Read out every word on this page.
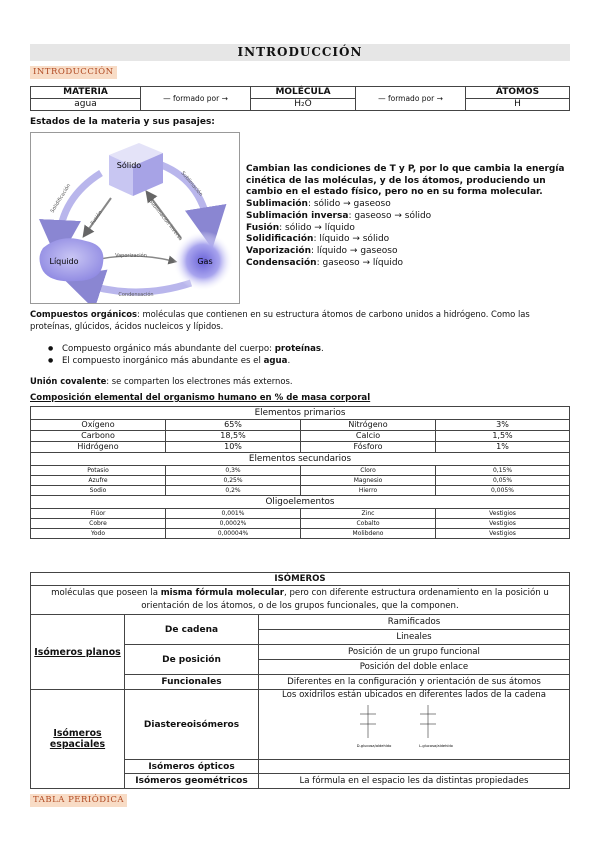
INTRODUCCIÓN
INTRODUCCIÓN
MATERIA	— formado por →	MOLÉCULA	— formado por →	ÁTOMOS
agua		H₂O		H
Estados de la materia y sus pasajes:
Sólido
Líquido	Gas
Solidificación	Sublimación
Fusión	Sublimación inversa
Vaporización
Condensación

Cambian las condiciones de T y P, por lo que cambia la energía cinética de las moléculas, y de los átomos, produciendo un cambio en el estado físico, pero no en su forma molecular.

Sublimación: sólido → gaseoso

Sublimación inversa: gaseoso → sólido

Fusión: sólido → líquido

Solidificación: líquido → sólido

Vaporización: líquido → gaseoso

Condensación: gaseoso → líquido

Compuestos orgánicos: moléculas que contienen en su estructura átomos de carbono unidos a hidrógeno. Como las proteínas, glúcidos, ácidos nucleicos y lípidos.
● Compuesto orgánico más abundante del cuerpo: proteínas.
● El compuesto inorgánico más abundante es el agua.
Unión covalente: se comparten los electrones más externos.
Composición elemental del organismo humano en % de masa corporal
Elementos primarios			
Oxígeno	65%	Nitrógeno	3%
Carbono	18,5%	Calcio	1,5%
Hidrógeno	10%	Fósforo	1%
Elementos secundarios			
Potasio	0,3%	Cloro	0,15%
Azufre	0,25%	Magnesio	0,05%
Sodio	0,2%	Hierro	0,005%
Oligoelementos			
Flúor	0,001%	Zinc	Vestigios
Cobre	0,0002%	Cobalto	Vestigios
Yodo	0,00004%	Molibdeno	Vestigios
ISÓMEROS		
moléculas que poseen la misma fórmula molecular, pero con diferente estructura ordenamiento en la posición u orientación de los átomos, o de los grupos funcionales, que la componen.		
Isómeros planos	De cadena	Ramificados
		Lineales
	De posición	Posición de un grupo funcional
		Posición del doble enlace
	Funcionales	Diferentes en la configuración y orientación de sus átomos
Isómeros espaciales	Diastereoisómeros	Los oxidrilos están ubicados en diferentes lados de la cadena
D-glucosa/aldehído L-glucosa/aldehído

	Isómeros ópticos	
	Isómeros geométricos	La fórmula en el espacio les da distintas propiedades
TABLA PERIÓDICA
